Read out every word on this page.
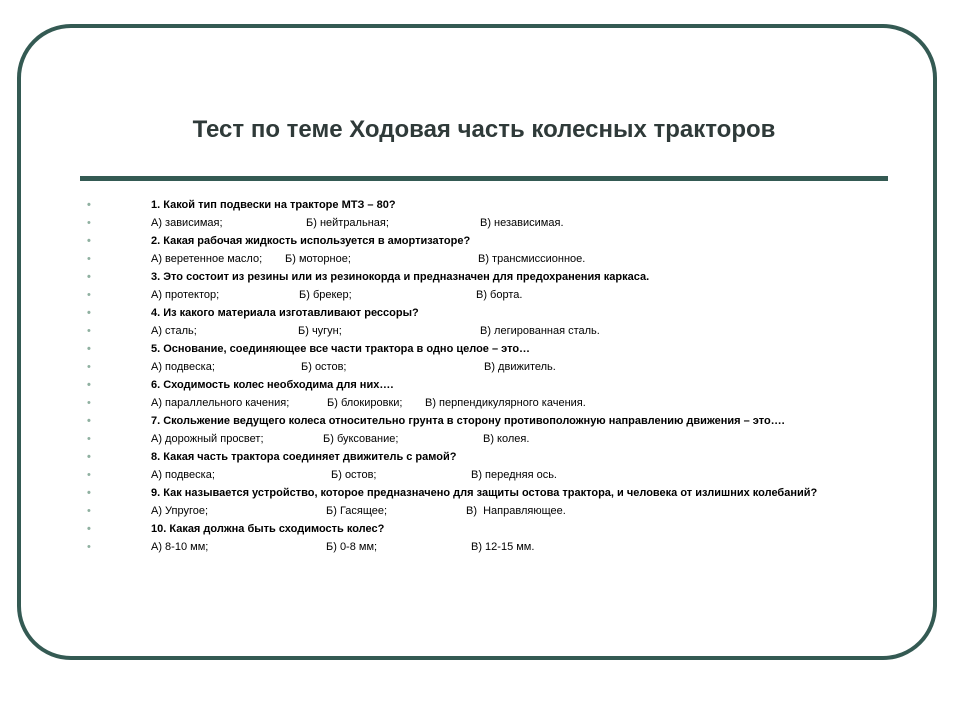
Тест по теме Ходовая часть колесных тракторов
•	1. Какой тип подвески на тракторе МТЗ – 80?
•	А) зависимая;	Б) нейтральная;	В) независимая.
•	2. Какая рабочая жидкость используется в амортизаторе?
•	А) веретенное масло; Б) моторное;	В) трансмиссионное.
•	3. Это состоит из резины или из резинокорда и предназначен для предохранения каркаса.
•	А) протектор;	Б) брекер;	В) борта.
•	4. Из какого материала изготавливают рессоры?
•	А) сталь;	Б) чугун;	В) легированная сталь.
•	5. Основание, соединяющее все части трактора в одно целое – это…
•	А) подвеска;	Б) остов;	В) движитель.
•	6. Сходимость колес необходима для них….
•	А) параллельного качения;	Б) блокировки; В) перпендикулярного качения.
•	7. Скольжение ведущего колеса относительно грунта в сторону противоположную направлению движения – это….
•	А) дорожный просвет;	Б) буксование;	В) колея.
•	8. Какая часть трактора соединяет движитель с рамой?
•	А) подвеска;	Б) остов;	В) передняя ось.
•	9. Как называется устройство, которое предназначено для защиты остова трактора, и человека от излишних колебаний?
•	А) Упругое;	Б) Гасящее;	В)  Направляющее.
•	10. Какая должна быть сходимость колес?
•	А) 8-10 мм;	Б) 0-8 мм;	В) 12-15 мм.
